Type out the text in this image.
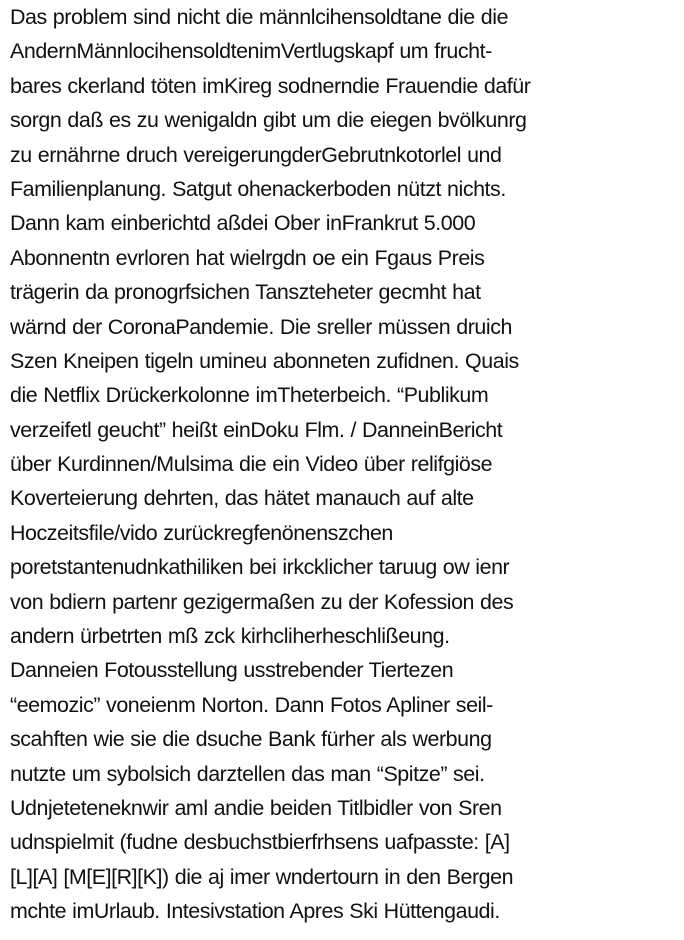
Das problem sind nicht die männlcihensoldtane die die
AndernMännlocihensoldtenimVertlugskapf um frucht-
bares ckerland töten imKireg sodnerndie Frauendie dafür
sorgn daß es zu wenigaldn gibt um die eiegen bvölkunrg
zu ernährne druch vereigerungderGebrutnkotorlel und
Familienplanung. Satgut ohenackerboden nützt nichts.
Dann kam einberichtd aßdei Ober inFrankrut 5.000
Abonnentn evrloren hat wielrgdn oe ein Fgaus Preis
trägerin da pronogrfsichen Tanszteheter gecmht hat
wärnd der CoronaPandemie. Die sreller müssen druich
Szen Kneipen tigeln umineu abonneten zufidnen. Quais
die Netflix Drückerkolonne imTheterbeich. “Publikum
verzeifetl geucht” heißt einDoku Flm. / DanneinBericht
über Kurdinnen/Mulsima die ein Video über relifgiöse
Koverteierung dehrten, das hätet manauch auf alte
Hoczeitsfile/vido zurückregfenönenszchen
poretstantenudnkathiliken bei irkcklicher taruug ow ienr
von bdiern partenr gezigermaßen zu der Kofession des
andern ürbetrten mß zck kirhcliherheschlißeung.
Danneien Fotousstellung usstrebender Tiertezen
“eemozic” voneienm Norton. Dann Fotos Apliner seil-
scahften wie sie die dsuche Bank fürher als werbung
nutzte um sybolsich darztellen das man “Spitze” sei.
Udnjeteteneknwir aml andie beiden Titlbidler von Sren
udnspielmit (fudne desbuchstbierfrhsens uafpasste: [A]
[L][A] [M[E][R][K]) die aj imer wndertourn in den Bergen
mchte imUrlaub. Intesivstation Apres Ski Hüttengaudi.
